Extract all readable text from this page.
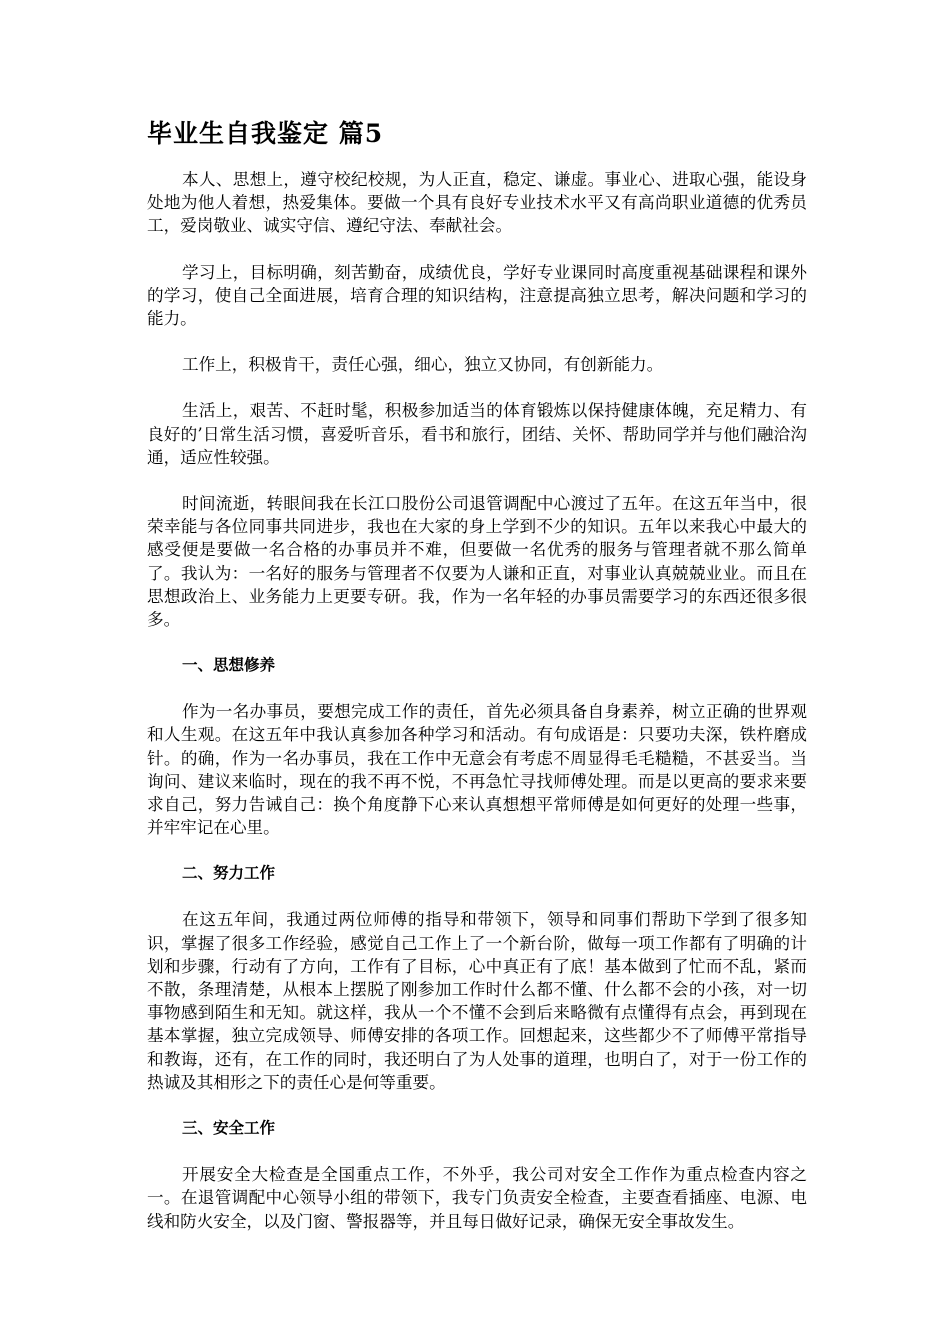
毕业生自我鉴定 篇5

本人、思想上，遵守校纪校规，为人正直，稳定、谦虚。事业心、进取心强，能设身处地为他人着想，热爱集体。要做一个具有良好专业技术水平又有高尚职业道德的优秀员工，爱岗敬业、诚实守信、遵纪守法、奉献社会。

学习上，目标明确，刻苦勤奋，成绩优良，学好专业课同时高度重视基础课程和课外的学习，使自己全面进展，培育合理的知识结构，注意提高独立思考，解决问题和学习的能力。

工作上，积极肯干，责任心强，细心，独立又协同，有创新能力。

生活上，艰苦、不赶时髦，积极参加适当的体育锻炼以保持健康体魄，充足精力、有良好的’日常生活习惯，喜爱听音乐，看书和旅行，团结、关怀、帮助同学并与他们融洽沟通，适应性较强。

时间流逝，转眼间我在长江口股份公司退管调配中心渡过了五年。在这五年当中，很荣幸能与各位同事共同进步，我也在大家的身上学到不少的知识。五年以来我心中最大的感受便是要做一名合格的办事员并不难，但要做一名优秀的服务与管理者就不那么简单了。我认为：一名好的服务与管理者不仅要为人谦和正直，对事业认真兢兢业业。而且在思想政治上、业务能力上更要专研。我，作为一名年轻的办事员需要学习的东西还很多很多。

一、思想修养

作为一名办事员，要想完成工作的责任，首先必须具备自身素养，树立正确的世界观和人生观。在这五年中我认真参加各种学习和活动。有句成语是：只要功夫深，铁杵磨成针。的确，作为一名办事员，我在工作中无意会有考虑不周显得毛毛糙糙，不甚妥当。当询问、建议来临时，现在的我不再不悦，不再急忙寻找师傅处理。而是以更高的要求来要求自己，努力告诫自己：换个角度静下心来认真想想平常师傅是如何更好的处理一些事，并牢牢记在心里。

二、努力工作

在这五年间，我通过两位师傅的指导和带领下，领导和同事们帮助下学到了很多知识，掌握了很多工作经验，感觉自己工作上了一个新台阶，做每一项工作都有了明确的计划和步骤，行动有了方向，工作有了目标，心中真正有了底！基本做到了忙而不乱，紧而不散，条理清楚，从根本上摆脱了刚参加工作时什么都不懂、什么都不会的小孩，对一切事物感到陌生和无知。就这样，我从一个不懂不会到后来略微有点懂得有点会，再到现在基本掌握，独立完成领导、师傅安排的各项工作。回想起来，这些都少不了师傅平常指导和教诲，还有，在工作的同时，我还明白了为人处事的道理，也明白了，对于一份工作的热诚及其相形之下的责任心是何等重要。

三、安全工作

开展安全大检查是全国重点工作，不外乎，我公司对安全工作作为重点检查内容之一。在退管调配中心领导小组的带领下，我专门负责安全检查，主要查看插座、电源、电线和防火安全，以及门窗、警报器等，并且每日做好记录，确保无安全事故发生。
